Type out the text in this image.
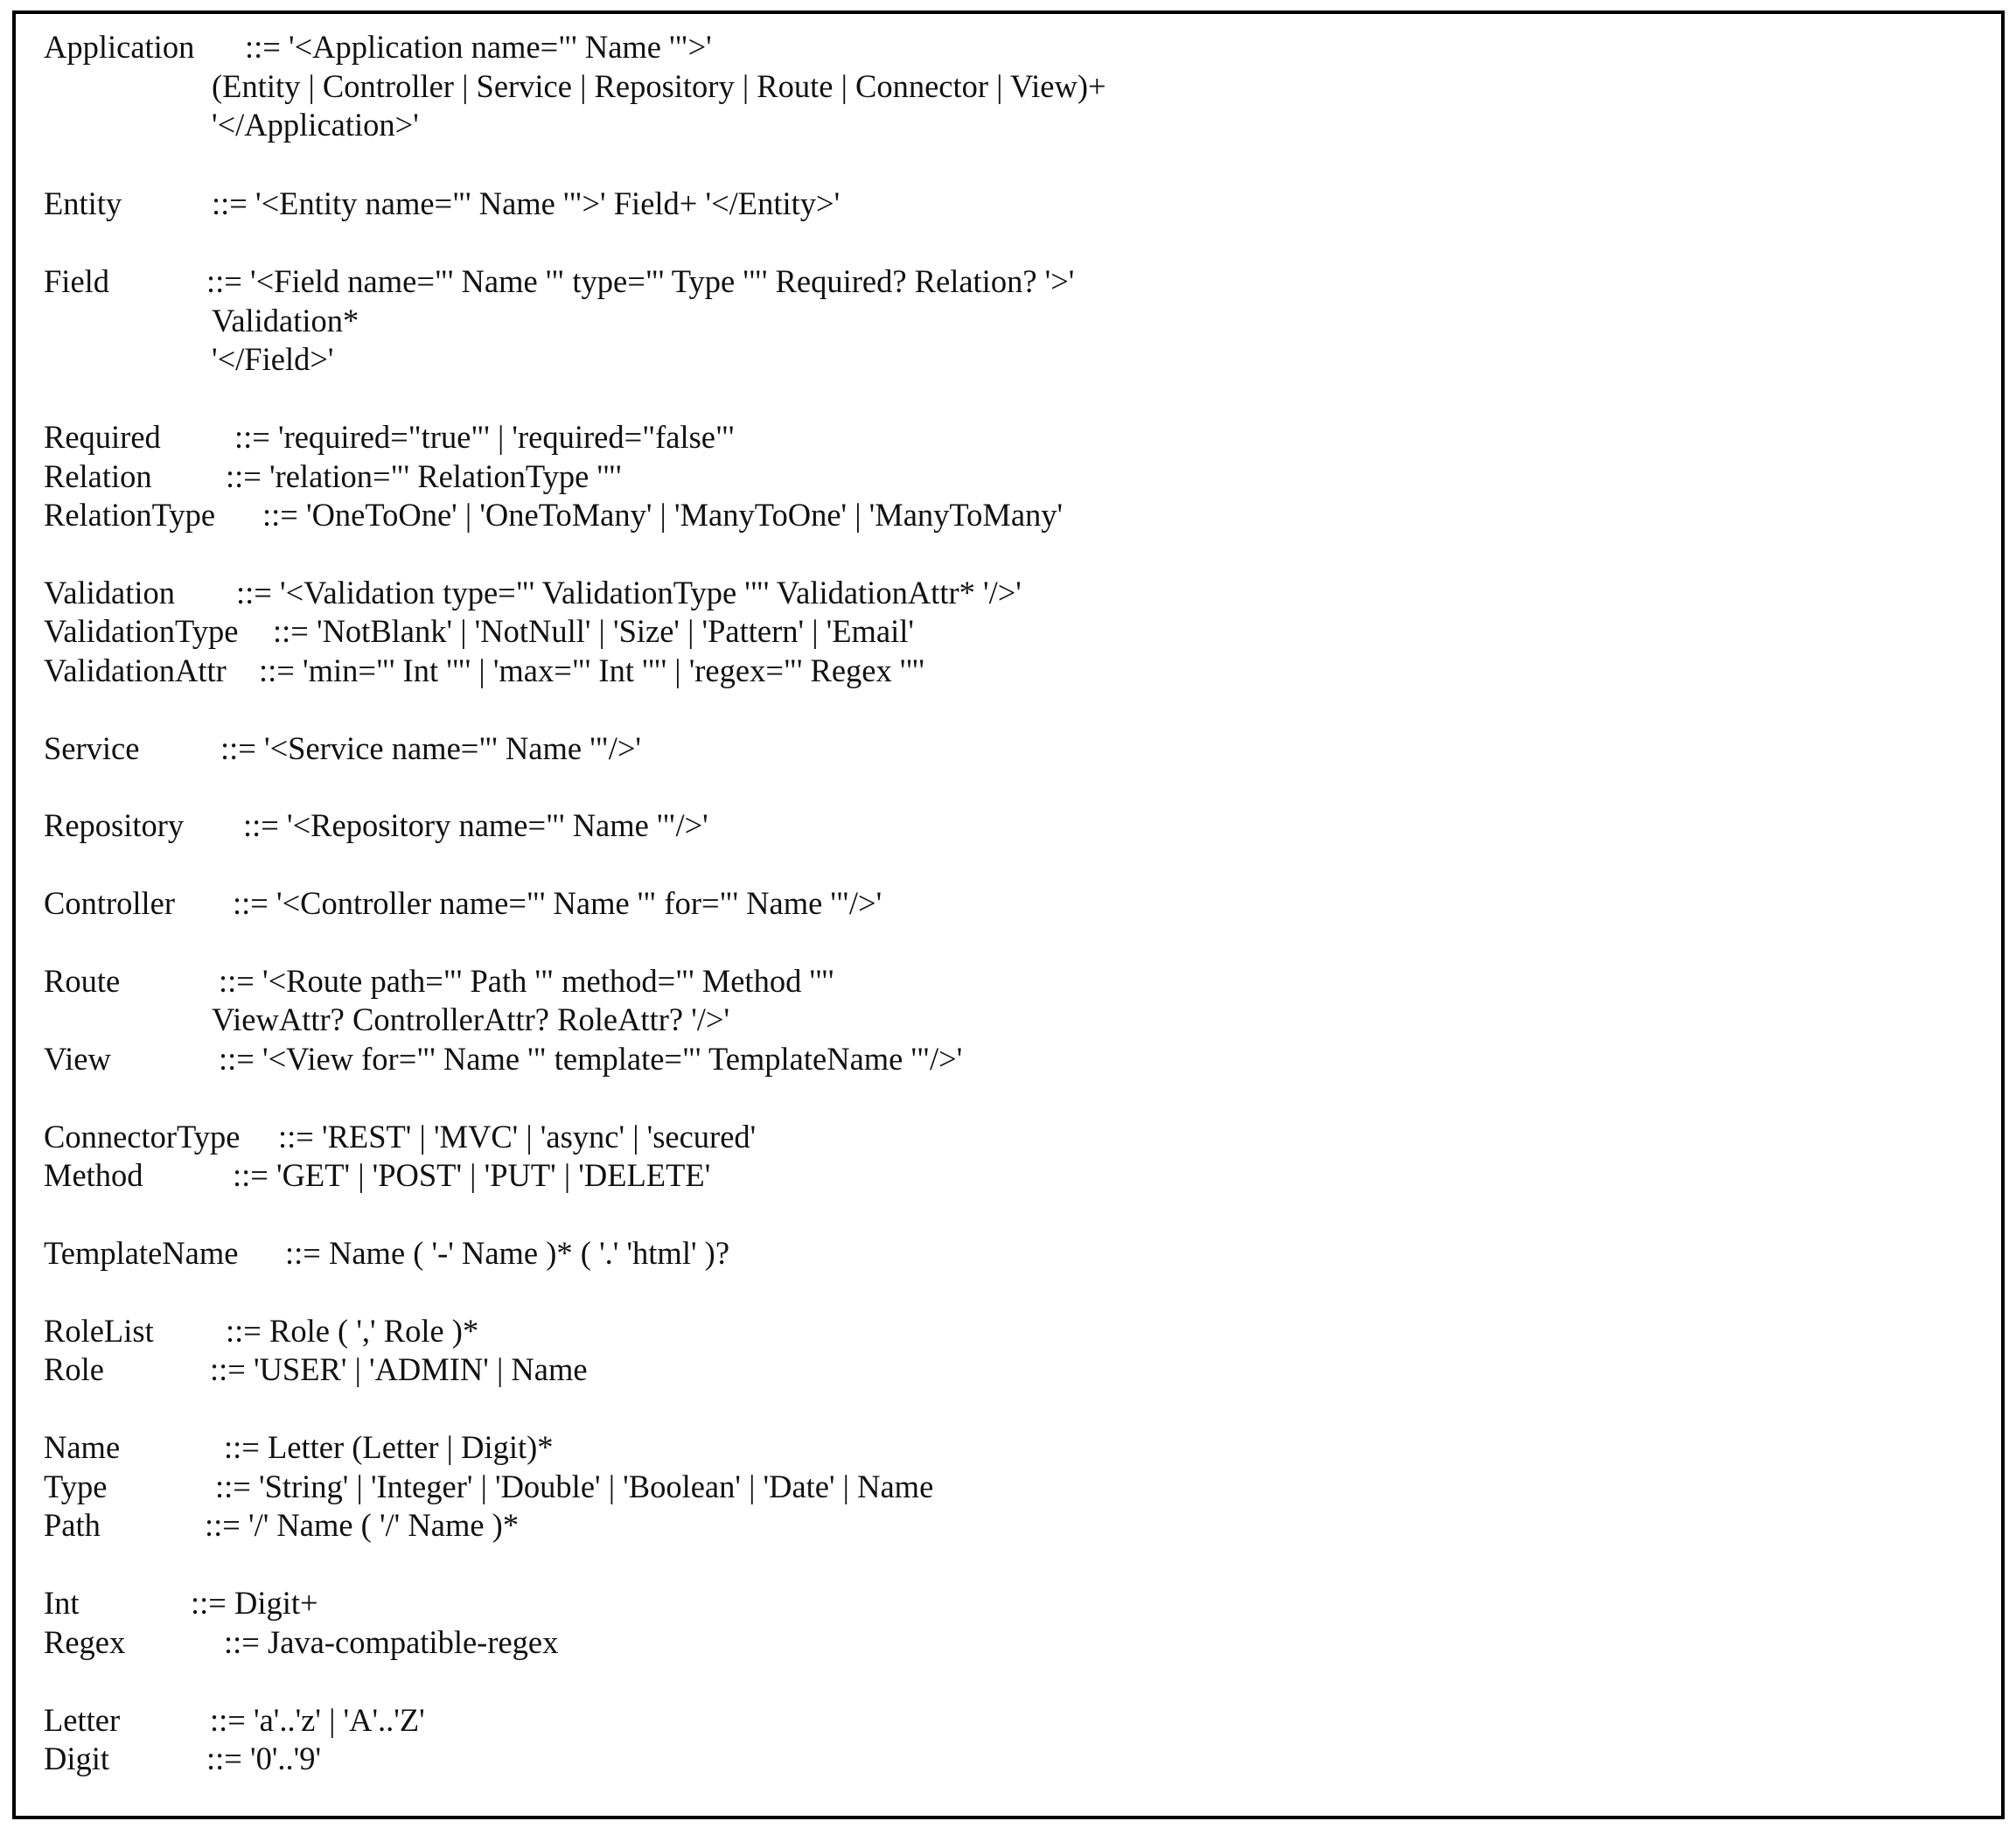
Application ::= '<Application name="' Name '">'
(Entity | Controller | Service | Repository | Route | Connector | View)+
'</Application>'
Entity	::= '<Entity name="' Name '">' Field+ '</Entity>'
Field	::= '<Field name="' Name '" type="' Type '"' Required? Relation? '>'
Validation*
'</Field>'
Required ::= 'required="true"' | 'required="false"'
Relation ::= 'relation="' RelationType '"'
RelationType ::= 'OneToOne' | 'OneToMany' | 'ManyToOne' | 'ManyToMany'
Validation ::= '<Validation type="' ValidationType '"' ValidationAttr* '/>'
ValidationType ::= 'NotBlank' | 'NotNull' | 'Size' | 'Pattern' | 'Email'
ValidationAttr ::= 'min="' Int '"' | 'max="' Int '"' | 'regex="' Regex '"'
Service	::= '<Service name="' Name '"/>'
Repository ::= '<Repository name="' Name '"/>'
Controller ::= '<Controller name="' Name '" for="' Name '"/>'
Route	::= '<Route path="' Path '" method="' Method '"'
ViewAttr? ControllerAttr? RoleAttr? '/>'
View	::= '<View for="' Name '" template="' TemplateName '"/>'
ConnectorType ::= 'REST' | 'MVC' | 'async' | 'secured'
Method	::= 'GET' | 'POST' | 'PUT' | 'DELETE'
TemplateName ::= Name ( '-' Name )* ( '.' 'html' )?
RoleList ::= Role ( ',' Role )*
Role	::= 'USER' | 'ADMIN' | Name
Name	::= Letter (Letter | Digit)*
Type	::= 'String' | 'Integer' | 'Double' | 'Boolean' | 'Date' | Name
Path	::= '/' Name ( '/' Name )*
Int	::= Digit+
Regex	::= Java-compatible-regex
Letter	::= 'a'..'z' | 'A'..'Z'
Digit	::= '0'..'9'
